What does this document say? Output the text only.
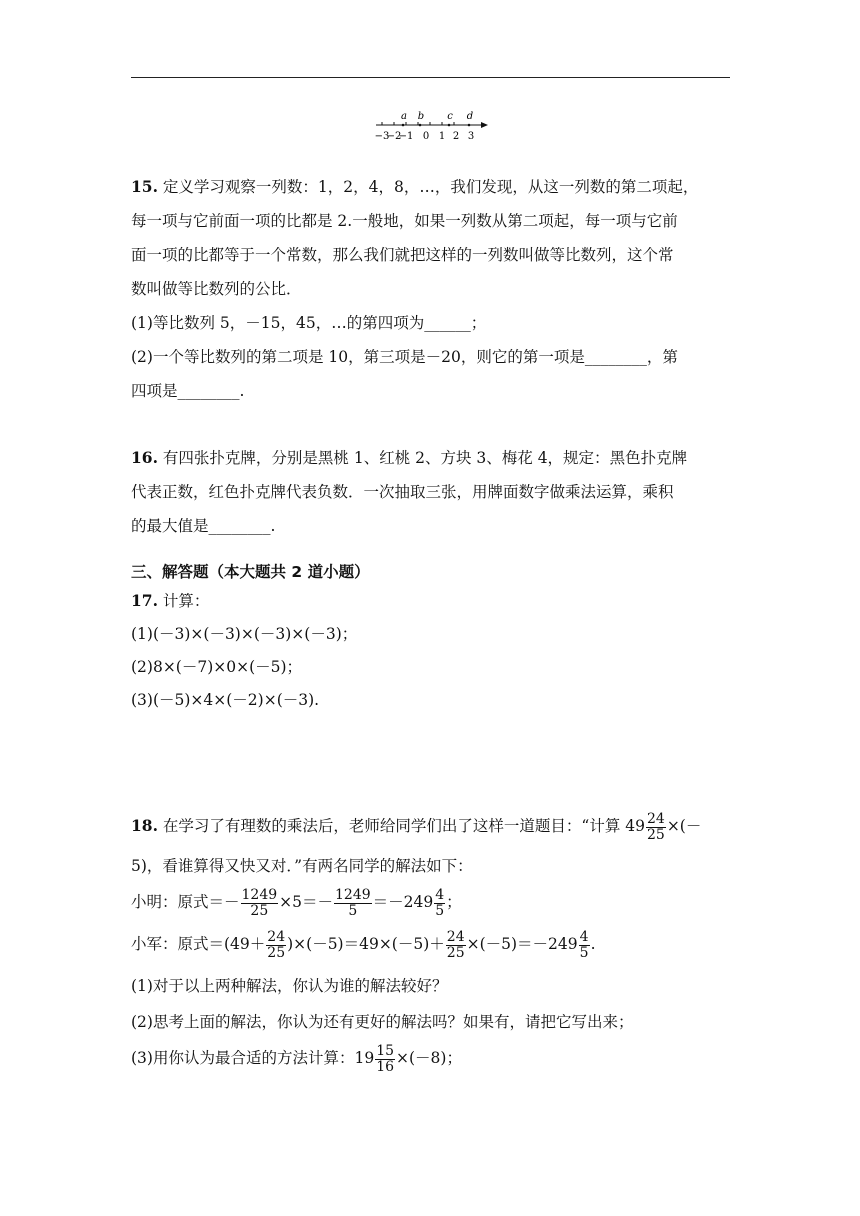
a b c d
−3
−2
−1 0 1 2 3
15. 定义学习观察一列数：1，2，4，8，…，我们发现，从这一列数的第二项起，
每一项与它前面一项的比都是 2.一般地，如果一列数从第二项起，每一项与它前
面一项的比都等于一个常数，那么我们就把这样的一列数叫做等比数列，这个常
数叫做等比数列的公比．
(1)等比数列 5，－15，45，…的第四项为______；
(2)一个等比数列的第二项是 10，第三项是－20，则它的第一项是________，第
四项是________.
16. 有四张扑克牌，分别是黑桃 1、红桃 2、方块 3、梅花 4，规定：黑色扑克牌
代表正数，红色扑克牌代表负数．一次抽取三张，用牌面数字做乘法运算，乘积
的最大值是________.
三、解答题（本大题共 2 道小题）
17. 计算：
(1)(－3)×(－3)×(－3)×(－3)；
(2)8×(－7)×0×(－5)；
(3)(－5)×4×(－2)×(－3).
18. 在学习了有理数的乘法后，老师给同学们出了这样一道题目：“计算 $49 \frac{24}{25}$ ×(－
5)，看谁算得又快又对．”有两名同学的解法如下：
小明：原式＝－ $\frac{1249}{25} \times 5=- \frac{1249}{5} =-249 \frac{4}{5}$ ；
小军：原式$=(49+ \frac{24}{25} )\times(-5)=49\times(-5)+ \frac{24}{25} \times(-5)=-249 \frac{4}{5}$ .
(1)对于以上两种解法，你认为谁的解法较好？
(2)思考上面的解法，你认为还有更好的解法吗？如果有，请把它写出来；
(3)用你认为最合适的方法计算：$19 \frac{15}{16} \times(-8)$；
